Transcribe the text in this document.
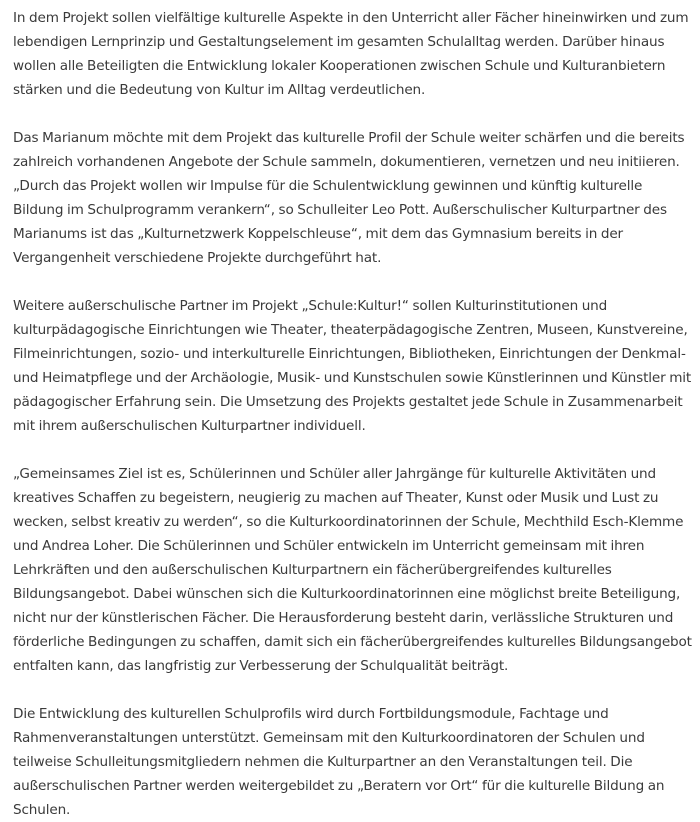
In dem Projekt sollen vielfältige kulturelle Aspekte in den Unterricht aller Fächer hineinwirken und zum lebendigen Lernprinzip und Gestaltungselement im gesamten Schulalltag werden. Darüber hinaus wollen alle Beteiligten die Entwicklung lokaler Kooperationen zwischen Schule und Kulturanbietern stärken und die Bedeutung von Kultur im Alltag verdeutlichen.

Das Marianum möchte mit dem Projekt das kulturelle Profil der Schule weiter schärfen und die bereits zahlreich vorhandenen Angebote der Schule sammeln, dokumentieren, vernetzen und neu initiieren. „Durch das Projekt wollen wir Impulse für die Schulentwicklung gewinnen und künftig kulturelle Bildung im Schulprogramm verankern“, so Schulleiter Leo Pott. Außerschulischer Kulturpartner des Marianums ist das „Kulturnetzwerk Koppelschleuse“, mit dem das Gymnasium bereits in der Vergangenheit verschiedene Projekte durchgeführt hat.

Weitere außerschulische Partner im Projekt „Schule:Kultur!“ sollen Kulturinstitutionen und kulturpädagogische Einrichtungen wie Theater, theaterpädagogische Zentren, Museen, Kunstvereine, Filmeinrichtungen, sozio- und interkulturelle Einrichtungen, Bibliotheken, Einrichtungen der Denkmal- und Heimatpflege und der Archäologie, Musik- und Kunstschulen sowie Künstlerinnen und Künstler mit pädagogischer Erfahrung sein. Die Umsetzung des Projekts gestaltet jede Schule in Zusammenarbeit mit ihrem außerschulischen Kulturpartner individuell.

„Gemeinsames Ziel ist es, Schülerinnen und Schüler aller Jahrgänge für kulturelle Aktivitäten und kreatives Schaffen zu begeistern, neugierig zu machen auf Theater, Kunst oder Musik und Lust zu wecken, selbst kreativ zu werden“, so die Kulturkoordinatorinnen der Schule, Mechthild Esch-Klemme und Andrea Loher. Die Schülerinnen und Schüler entwickeln im Unterricht gemeinsam mit ihren Lehrkräften und den außerschulischen Kulturpartnern ein fächerübergreifendes kulturelles Bildungsangebot. Dabei wünschen sich die Kulturkoordinatorinnen eine möglichst breite Beteiligung, nicht nur der künstlerischen Fächer. Die Herausforderung besteht darin, verlässliche Strukturen und förderliche Bedingungen zu schaffen, damit sich ein fächerübergreifendes kulturelles Bildungsangebot entfalten kann, das langfristig zur Verbesserung der Schulqualität beiträgt.

Die Entwicklung des kulturellen Schulprofils wird durch Fortbildungsmodule, Fachtage und Rahmenveranstaltungen unterstützt. Gemeinsam mit den Kulturkoordinatoren der Schulen und teilweise Schulleitungsmitgliedern nehmen die Kulturpartner an den Veranstaltungen teil. Die außerschulischen Partner werden weitergebildet zu „Beratern vor Ort“ für die kulturelle Bildung an Schulen.
